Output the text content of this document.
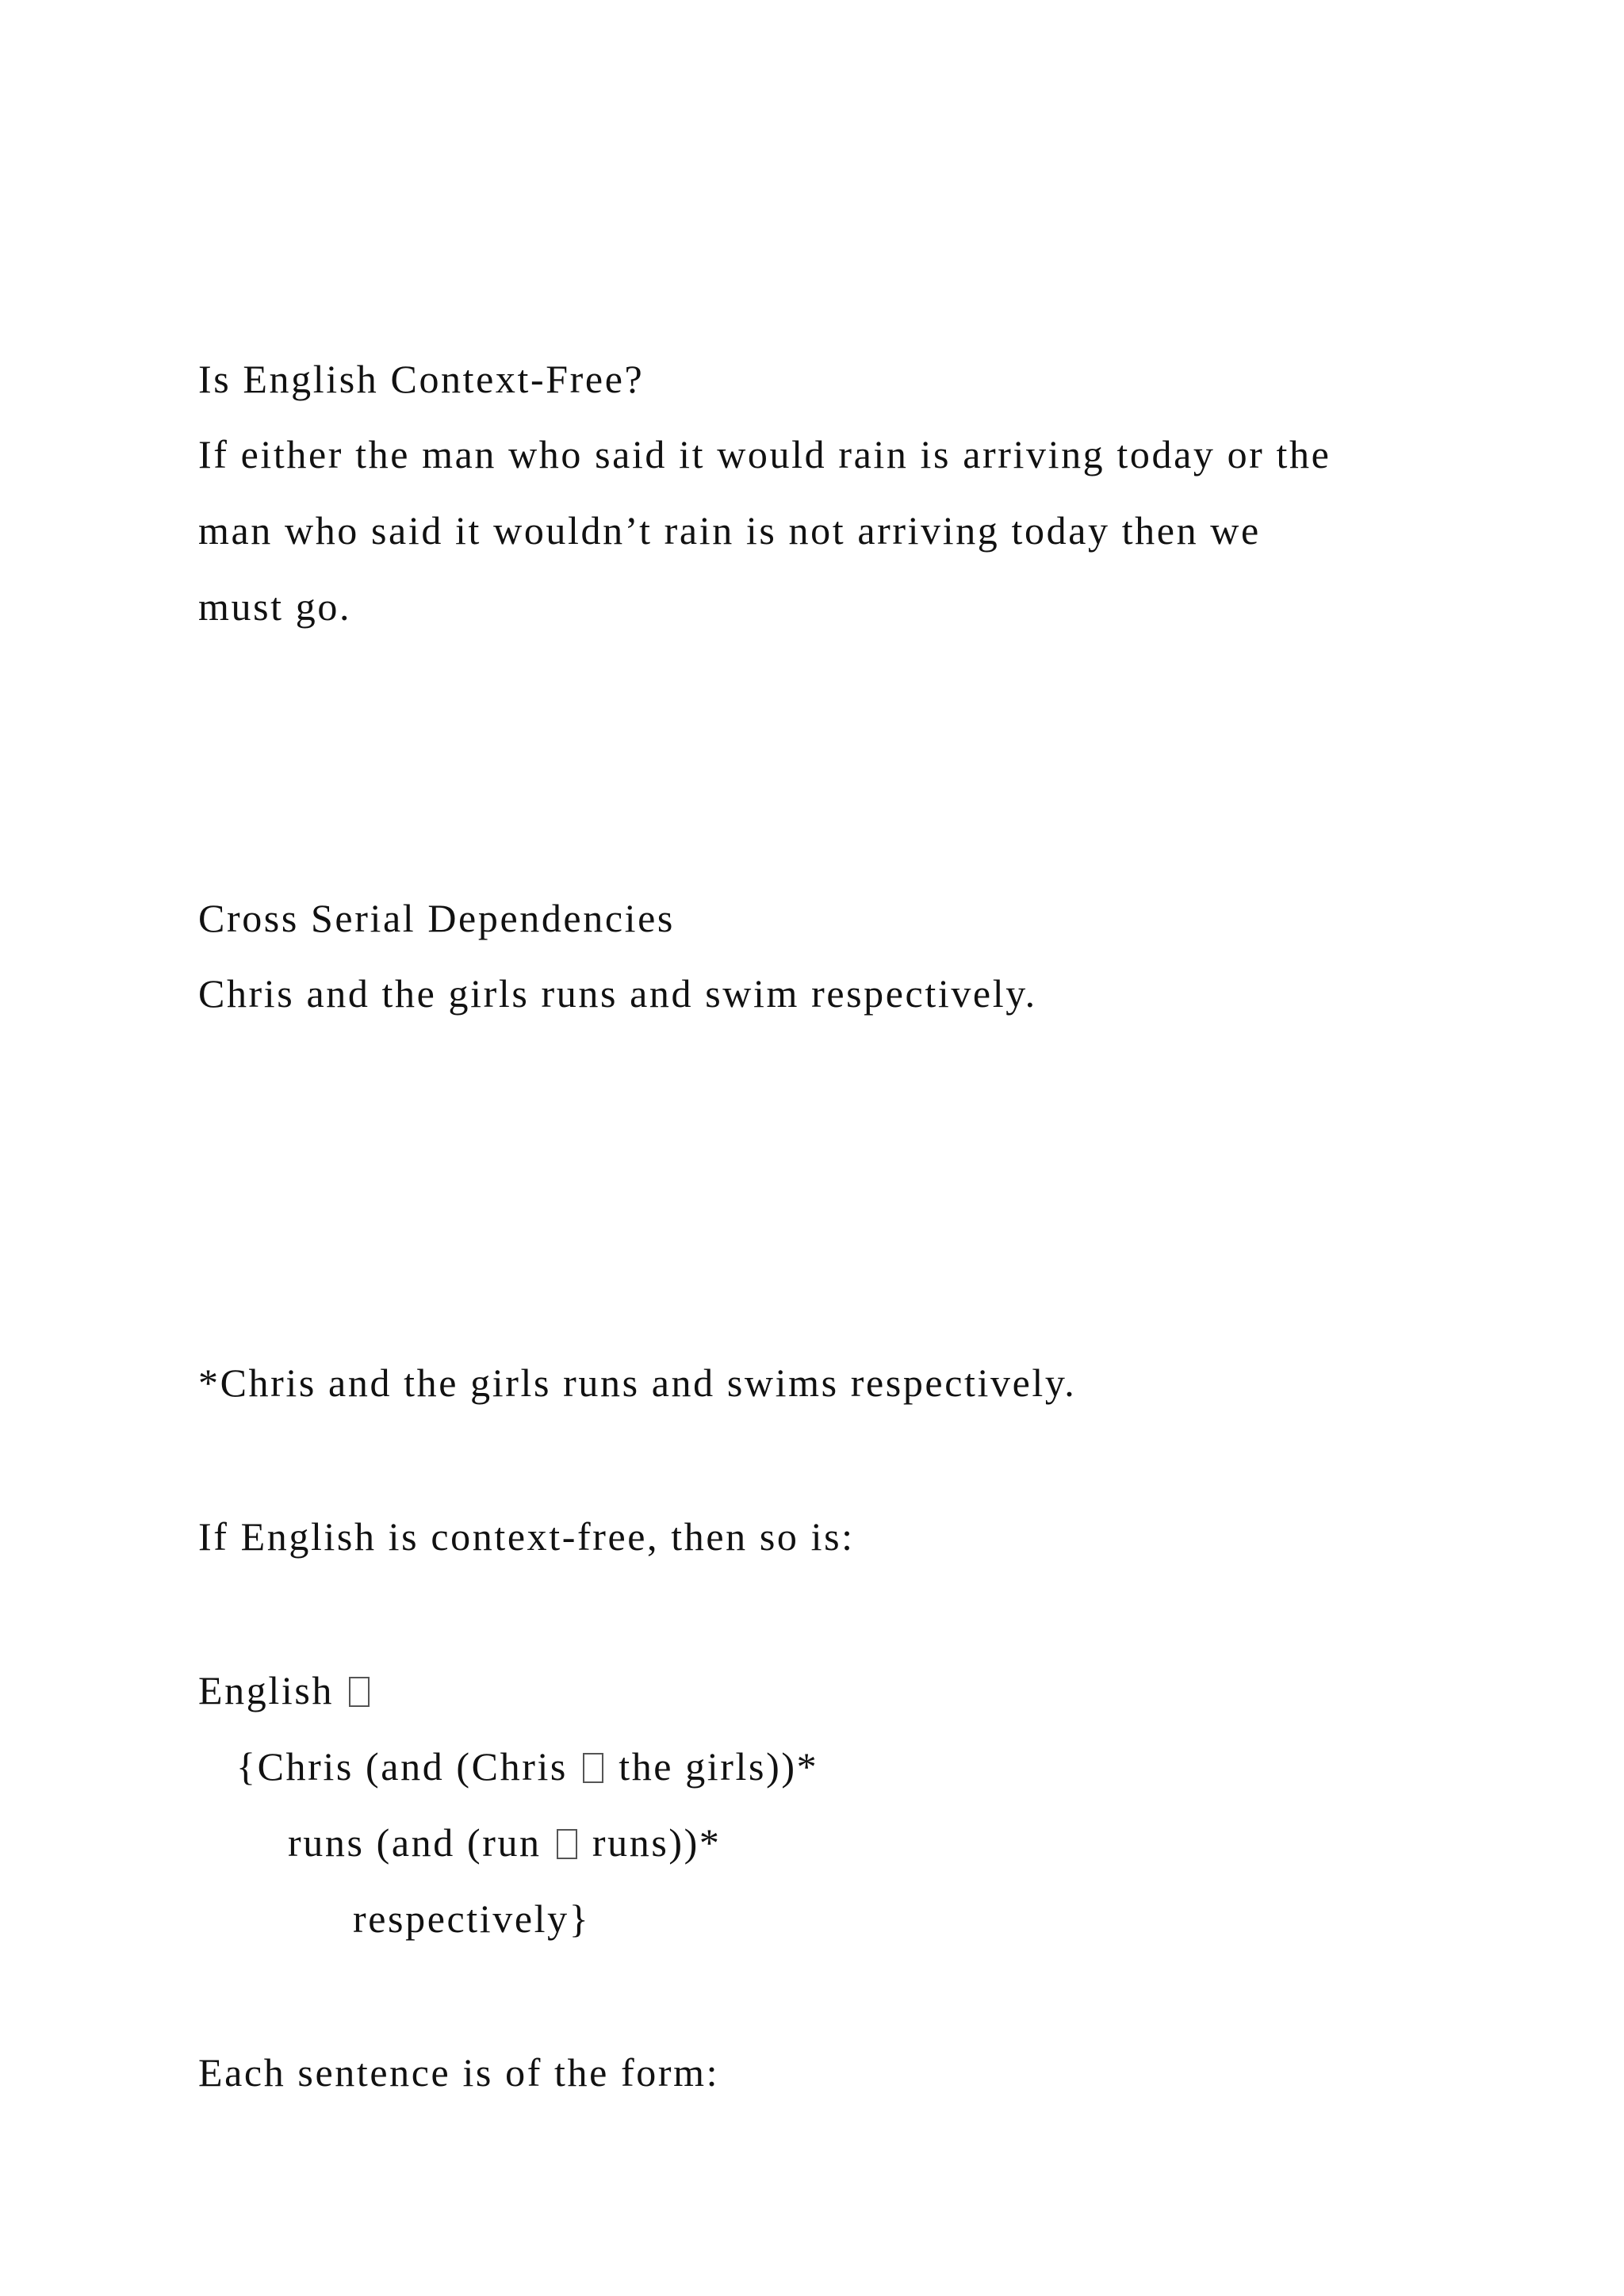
Is English Context-Free?
If either the man who said it would rain is arriving today or the
man who said it wouldn’t rain is not arriving today then we
must go.
Cross Serial Dependencies
Chris and the girls runs and swim respectively.
*Chris and the girls runs and swims respectively.
If English is context-free, then so is:
English
{Chris (and (Chris the girls))*
runs (and (run runs))*
respectively}
Each sentence is of the form:
